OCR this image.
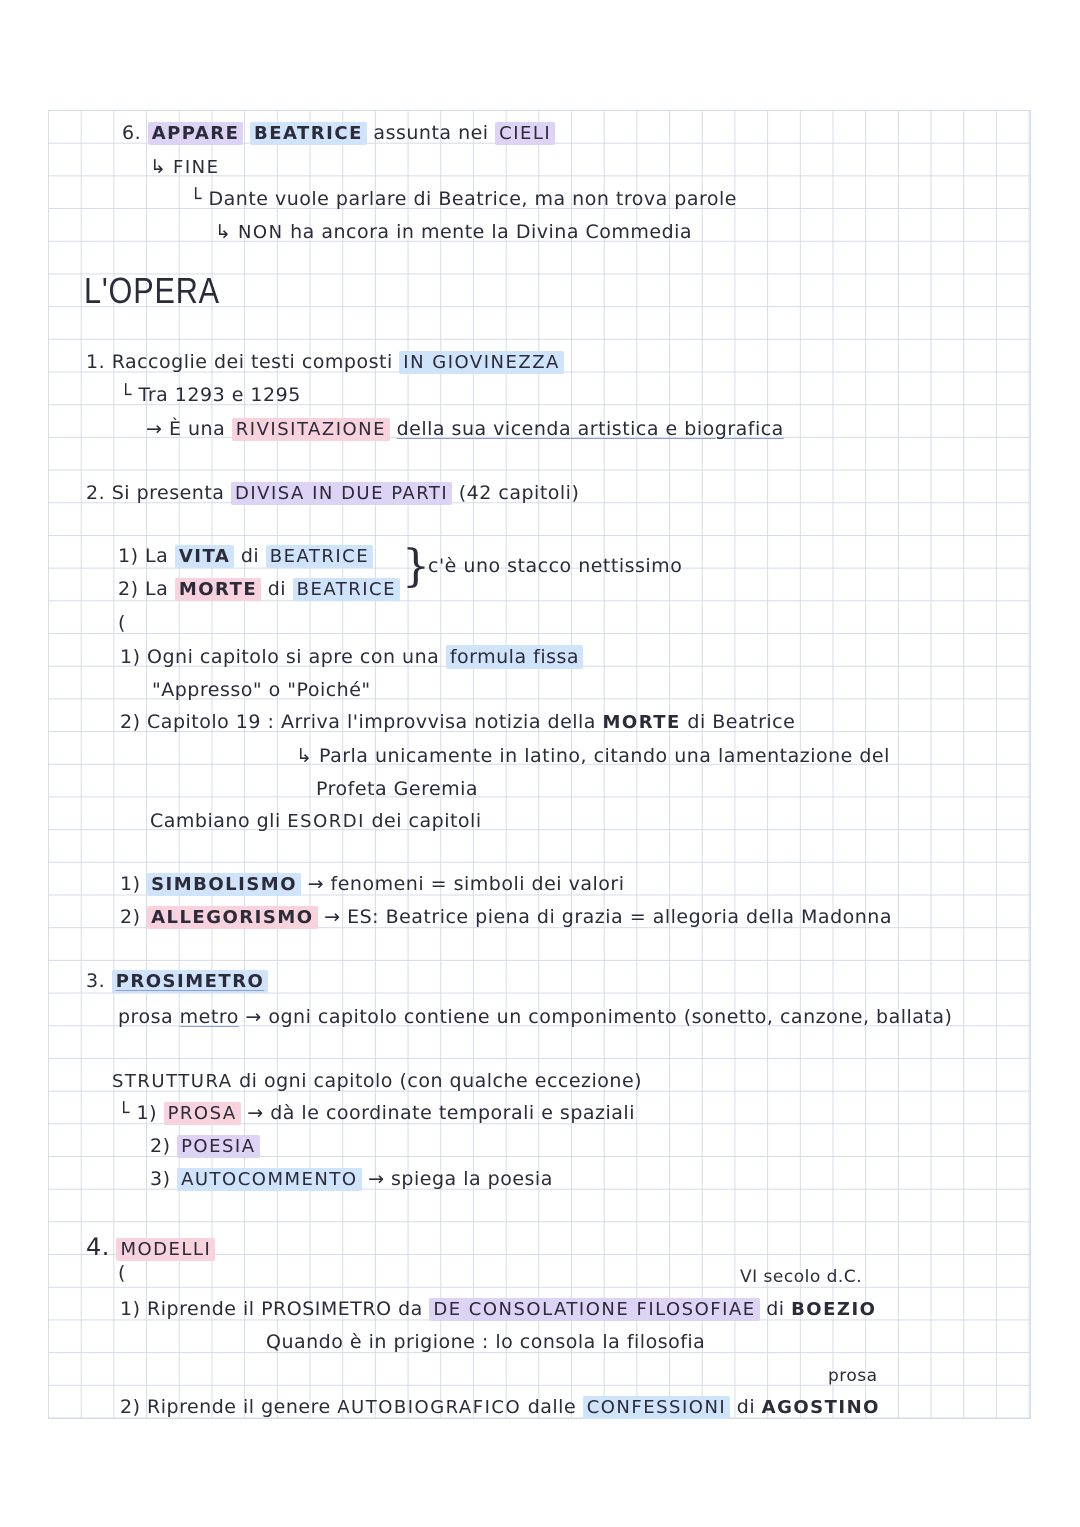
6. APPARE BEATRICE assunta nei CIELI
↳ FINE
└ Dante vuole parlare di Beatrice, ma non trova parole
↳ NON ha ancora in mente la Divina Commedia
L'OPERA
1. Raccoglie dei testi composti IN GIOVINEZZA
└ Tra 1293 e 1295
→ È una RIVISITAZIONE della sua vicenda artistica e biografica
2. Si presenta DIVISA IN DUE PARTI (42 capitoli)
1) La VITA di BEATRICE
2) La MORTE di BEATRICE }
c'è uno stacco nettissimo
(
1) Ogni capitolo si apre con una formula fissa
"Appresso" o "Poiché"
2) Capitolo 19 : Arriva l'improvvisa notizia della MORTE di Beatrice
↳ Parla unicamente in latino, citando una lamentazione del
Profeta Geremia
Cambiano gli ESORDI dei capitoli
1) SIMBOLISMO → fenomeni = simboli dei valori
2) ALLEGORISMO → ES: Beatrice piena di grazia = allegoria della Madonna
3. PROSIMETRO
prosa metro → ogni capitolo contiene un componimento (sonetto, canzone, ballata)
STRUTTURA di ogni capitolo (con qualche eccezione)
└ 1) PROSA → dà le coordinate temporali e spaziali
2) POESIA
3) AUTOCOMMENTO → spiega la poesia
4. MODELLI
(	VI secolo d.C.
1) Riprende il PROSIMETRO da DE CONSOLATIONE FILOSOFIAE di BOEZIO
Quando è in prigione : lo consola la filosofia
prosa
2) Riprende il genere AUTOBIOGRAFICO dalle CONFESSIONI di AGOSTINO
